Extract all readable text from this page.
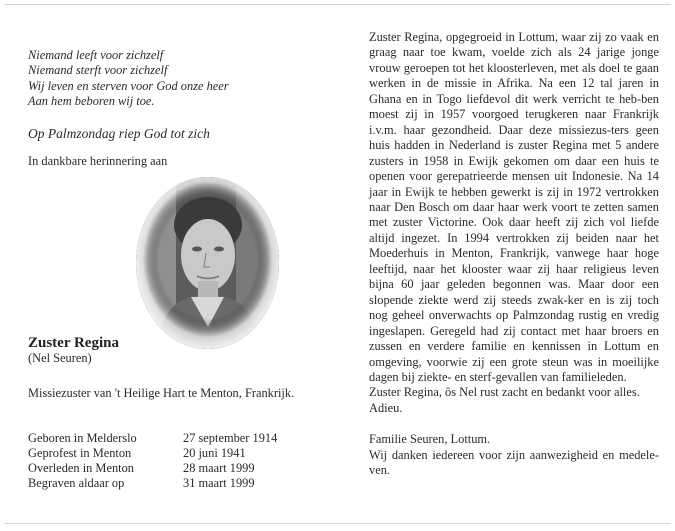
Niemand leeft voor zichzelf
Niemand sterft voor zichzelf
Wij leven en sterven voor God onze heer
Aan hem beboren wij toe.
Op Palmzondag riep God tot zich
In dankbare herinnering aan
Zuster Regina
(Nel Seuren)
Missiezuster van 't Heilige Hart te Menton, Frankrijk.
Geboren in Melderslo	27 september 1914
Geprofest in Menton	20 juni 1941
Overleden in Menton	28 maart 1999
Begraven aldaar op	31 maart 1999

Zuster Regina, opgegroeid in Lottum, waar zij zo vaak en graag naar toe kwam, voelde zich als 24 jarige jonge vrouw geroepen tot het kloosterleven, met als doel te gaan werken in de missie in Afrika. Na een 12 tal jaren in Ghana en in Togo liefdevol dit werk verricht te heb-ben moest zij in 1957 voorgoed terugkeren naar Frankrijk i.v.m. haar gezondheid. Daar deze missiezus-ters geen huis hadden in Nederland is zuster Regina met 5 andere zusters in 1958 in Ewijk gekomen om daar een huis te openen voor gerepatrieerde mensen uit Indonesie. Na 14 jaar in Ewijk te hebben gewerkt is zij in 1972 vertrokken naar Den Bosch om daar haar werk voort te zetten samen met zuster Victorine. Ook daar heeft zij zich vol liefde altijd ingezet. In 1994 vertrokken zij beiden naar het Moederhuis in Menton, Frankrijk, vanwege haar hoge leeftijd, naar het klooster waar zij haar religieus leven bijna 60 jaar geleden begonnen was. Maar door een slopende ziekte werd zij steeds zwak-ker en is zij toch nog geheel onverwachts op Palmzondag rustig en vredig ingeslapen. Geregeld had zij contact met haar broers en zussen en verdere familie en kennissen in Lottum en omgeving, voorwie zij een grote steun was in moeilijke dagen bij ziekte- en sterf-gevallen van familieleden.

Zuster Regina, ôs Nel rust zacht en bedankt voor alles.

Adieu.

Familie Seuren, Lottum.

Wij danken iedereen voor zijn aanwezigheid en medele-ven.
